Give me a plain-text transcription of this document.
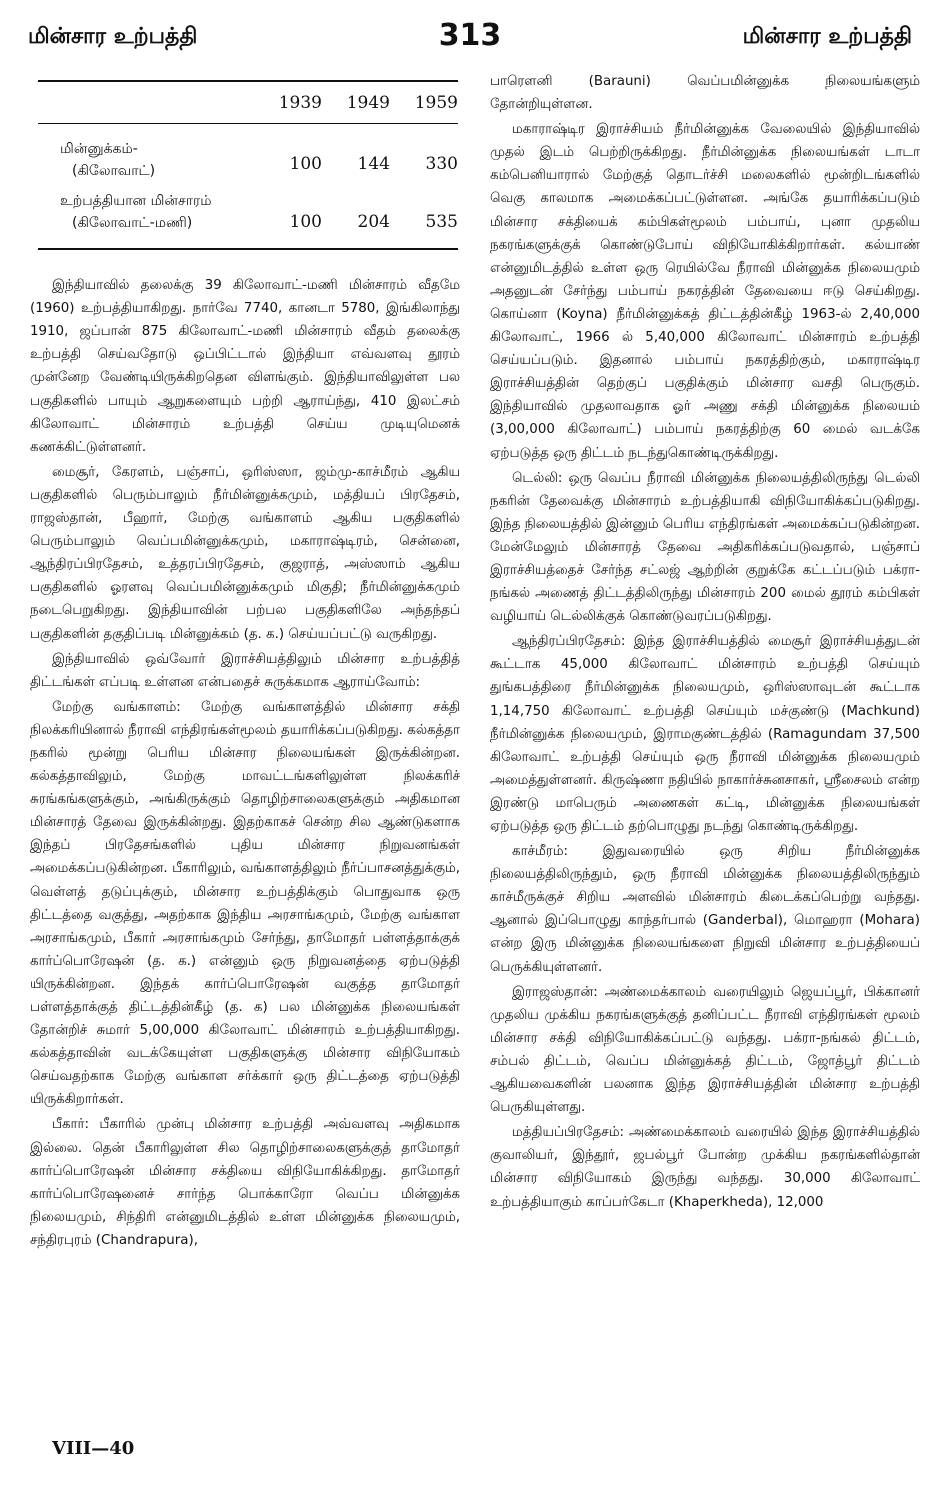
மின்சார உற்பத்தி	313	மின்சார உற்பத்தி
	1939	1949	1959
மின்னுக்கம்-
(கிலோவாட்)	100	144	330
உற்பத்தியான மின்சாரம்
(கிலோவாட்-மணி)	100	204	535

இந்தியாவில் தலைக்கு 39 கிலோவாட்-மணி மின்சாரம் வீதமே (1960) உற்பத்தியாகிறது. நார்வே 7740, கானடா 5780, இங்கிலாந்து 1910, ஜப்பான் 875 கிலோவாட்-மணி மின்சாரம் வீதம் தலைக்கு உற்பத்தி செய்வதோடு ஒப்பிட்டால் இந்தியா எவ்வளவு தூரம் முன்னேற வேண்டியிருக்கிறதென விளங்கும். இந்தியாவிலுள்ள பல பகுதிகளில் பாயும் ஆறுகளையும் பற்றி ஆராய்ந்து, 410 இலட்சம் கிலோவாட் மின்சாரம் உற்பத்தி செய்ய முடியுமெனக் கணக்கிட்டுள்ளனர்.

மைசூர், கேரளம், பஞ்சாப், ஒரிஸ்ஸா, ஜம்மு-காச்மீரம் ஆகிய பகுதிகளில் பெரும்பாலும் நீர்மின்னுக்கமும், மத்தியப் பிரதேசம், ராஜஸ்தான், பீஹார், மேற்கு வங்காளம் ஆகிய பகுதிகளில் பெரும்பாலும் வெப்பமின்னுக்கமும், மகாராஷ்டிரம், சென்னை, ஆந்திரப்பிரதேசம், உத்தரப்பிரதேசம், குஜராத், அஸ்ஸாம் ஆகிய பகுதிகளில் ஓரளவு வெப்பமின்னுக்கமும் மிகுதி; நீர்மின்னுக்கமும் நடைபெறுகிறது. இந்தியாவின் பற்பல பகுதிகளிலே அந்தந்தப் பகுதிகளின் தகுதிப்படி மின்னுக்கம் (த. க.) செய்யப்பட்டு வருகிறது.

இந்தியாவில் ஒவ்வோர் இராச்சியத்திலும் மின்சார உற்பத்தித் திட்டங்கள் எப்படி உள்ளன என்பதைச் சுருக்கமாக ஆராய்வோம்:

மேற்கு வங்காளம்: மேற்கு வங்காளத்தில் மின்சார சக்தி நிலக்கரியினால் நீராவி எந்திரங்கள்மூலம் தயாரிக்கப்படுகிறது. கல்கத்தா நகரில் மூன்று பெரிய மின்சார நிலையங்கள் இருக்கின்றன. கல்கத்தாவிலும், மேற்கு மாவட்டங்களிலுள்ள நிலக்கரிச் சுரங்கங்களுக்கும், அங்கிருக்கும் தொழிற்சாலைகளுக்கும் அதிகமான மின்சாரத் தேவை இருக்கின்றது. இதற்காகச் சென்ற சில ஆண்டுகளாக இந்தப் பிரதேசங்களில் புதிய மின்சார நிறுவனங்கள் அமைக்கப்படுகின்றன. பீகாரிலும், வங்காளத்திலும் நீர்ப்பாசனத்துக்கும், வெள்ளத் தடுப்புக்கும், மின்சார உற்பத்திக்கும் பொதுவாக ஒரு திட்டத்தை வகுத்து, அதற்காக இந்திய அரசாங்கமும், மேற்கு வங்காள அரசாங்கமும், பீகார் அரசாங்கமும் சேர்ந்து, தாமோதர் பள்ளத்தாக்குக் கார்ப்பொரேஷன் (த. க.) என்னும் ஒரு நிறுவனத்தை ஏற்படுத்தி யிருக்கின்றன. இந்தக் கார்ப்பொரேஷன் வகுத்த தாமோதர் பள்ளத்தாக்குத் திட்டத்தின்கீழ் (த. க) பல மின்னுக்க நிலையங்கள் தோன்றிச் சுமார் 5,00,000 கிலோவாட் மின்சாரம் உற்பத்தியாகிறது. கல்கத்தாவின் வடக்கேயுள்ள பகுதிகளுக்கு மின்சார விநியோகம் செய்வதற்காக மேற்கு வங்காள சர்க்கார் ஒரு திட்டத்தை ஏற்படுத்தி யிருக்கிறார்கள்.

பீகார்: பீகாரில் முன்பு மின்சார உற்பத்தி அவ்வளவு அதிகமாக இல்லை. தென் பீகாரிலுள்ள சில தொழிற்சாலைகளுக்குத் தாமோதர் கார்ப்பொரேஷன் மின்சார சக்தியை விநியோகிக்கிறது. தாமோதர் கார்ப்பொரேஷனைச் சார்ந்த பொக்காரோ வெப்ப மின்னுக்க நிலையமும், சிந்திரி என்னுமிடத்தில் உள்ள மின்னுக்க நிலையமும், சந்திரபுரம் (Chandrapura),

பாரௌனி (Barauni) வெப்பமின்னுக்க நிலையங்களும் தோன்றியுள்ளன.

மகாராஷ்டிர இராச்சியம் நீர்மின்னுக்க வேலையில் இந்தியாவில் முதல் இடம் பெற்றிருக்கிறது. நீர்மின்னுக்க நிலையங்கள் டாடா கம்பெனியாரால் மேற்குத் தொடர்ச்சி மலைகளில் மூன்றிடங்களில் வெகு காலமாக அமைக்கப்பட்டுள்ளன. அங்கே தயாரிக்கப்படும் மின்சார சக்தியைக் கம்பிகள்மூலம் பம்பாய், புனா முதலிய நகரங்களுக்குக் கொண்டுபோய் விநியோகிக்கிறார்கள். கல்யாண் என்னுமிடத்தில் உள்ள ஒரு ரெயில்வே நீராவி மின்னுக்க நிலையமும் அதனுடன் சேர்ந்து பம்பாய் நகரத்தின் தேவையை ஈடு செய்கிறது. கொய்னா (Koyna) நீர்மின்னுக்கத் திட்டத்தின்கீழ் 1963-ல் 2,40,000 கிலோவாட், 1966 ல் 5,40,000 கிலோவாட் மின்சாரம் உற்பத்தி செய்யப்படும். இதனால் பம்பாய் நகரத்திற்கும், மகாராஷ்டிர இராச்சியத்தின் தெற்குப் பகுதிக்கும் மின்சார வசதி பெருகும். இந்தியாவில் முதலாவதாக ஓர் அணு சக்தி மின்னுக்க நிலையம் (3,00,000 கிலோவாட்) பம்பாய் நகரத்திற்கு 60 மைல் வடக்கே ஏற்படுத்த ஒரு திட்டம் நடந்துகொண்டிருக்கிறது.

டெல்லி: ஒரு வெப்ப நீராவி மின்னுக்க நிலையத்திலிருந்து டெல்லி நகரின் தேவைக்கு மின்சாரம் உற்பத்தியாகி விநியோகிக்கப்படுகிறது. இந்த நிலையத்தில் இன்னும் பெரிய எந்திரங்கள் அமைக்கப்படுகின்றன. மேன்மேலும் மின்சாரத் தேவை அதிகரிக்கப்படுவதால், பஞ்சாப் இராச்சியத்தைச் சேர்ந்த சட்லஜ் ஆற்றின் குறுக்கே கட்டப்படும் பக்ரா-நங்கல் அணைத் திட்டத்திலிருந்து மின்சாரம் 200 மைல் தூரம் கம்பிகள் வழியாய் டெல்லிக்குக் கொண்டுவரப்படுகிறது.

ஆந்திரப்பிரதேசம்: இந்த இராச்சியத்தில் மைசூர் இராச்சியத்துடன் கூட்டாக 45,000 கிலோவாட் மின்சாரம் உற்பத்தி செய்யும் துங்கபத்திரை நீர்மின்னுக்க நிலையமும், ஒரிஸ்ஸாவுடன் கூட்டாக 1,14,750 கிலோவாட் உற்பத்தி செய்யும் மச்குண்டு (Machkund) நீர்மின்னுக்க நிலையமும், இராமகுண்டத்தில் (Ramagundam 37,500 கிலோவாட் உற்பத்தி செய்யும் ஒரு நீராவி மின்னுக்க நிலையமும் அமைத்துள்ளனர். கிருஷ்ணா நதியில் நாகார்ச்சுனசாகர், ஸ்ரீசைலம் என்ற இரண்டு மாபெரும் அணைகள் கட்டி, மின்னுக்க நிலையங்கள் ஏற்படுத்த ஒரு திட்டம் தற்பொழுது நடந்து கொண்டிருக்கிறது.

காச்மீரம்: இதுவரையில் ஒரு சிறிய நீர்மின்னுக்க நிலையத்திலிருந்தும், ஒரு நீராவி மின்னுக்க நிலையத்திலிருந்தும் காச்மீருக்குச் சிறிய அளவில் மின்சாரம் கிடைக்கப்பெற்று வந்தது. ஆனால் இப்பொழுது காந்தர்பால் (Ganderbal), மொஹரா (Mohara) என்ற இரு மின்னுக்க நிலையங்களை நிறுவி மின்சார உற்பத்தியைப் பெருக்கியுள்ளனர்.

இராஜஸ்தான்: அண்மைக்காலம் வரையிலும் ஜெயப்பூர், பிக்கானர் முதலிய முக்கிய நகரங்களுக்குத் தனிப்பட்ட நீராவி எந்திரங்கள் மூலம் மின்சார சக்தி விநியோகிக்கப்பட்டு வந்தது. பக்ரா-நங்கல் திட்டம், சம்பல் திட்டம், வெப்ப மின்னுக்கத் திட்டம், ஜோத்பூர் திட்டம் ஆகியவைகளின் பலனாக இந்த இராச்சியத்தின் மின்சார உற்பத்தி பெருகியுள்ளது.

மத்தியப்பிரதேசம்: அண்மைக்காலம் வரையில் இந்த இராச்சியத்தில் குவாலியர், இந்தூர், ஜபல்பூர் போன்ற முக்கிய நகரங்களில்தான் மின்சார விநியோகம் இருந்து வந்தது. 30,000 கிலோவாட் உற்பத்தியாகும் காப்பர்கேடா (Khaperkheda), 12,000

VIII—40
